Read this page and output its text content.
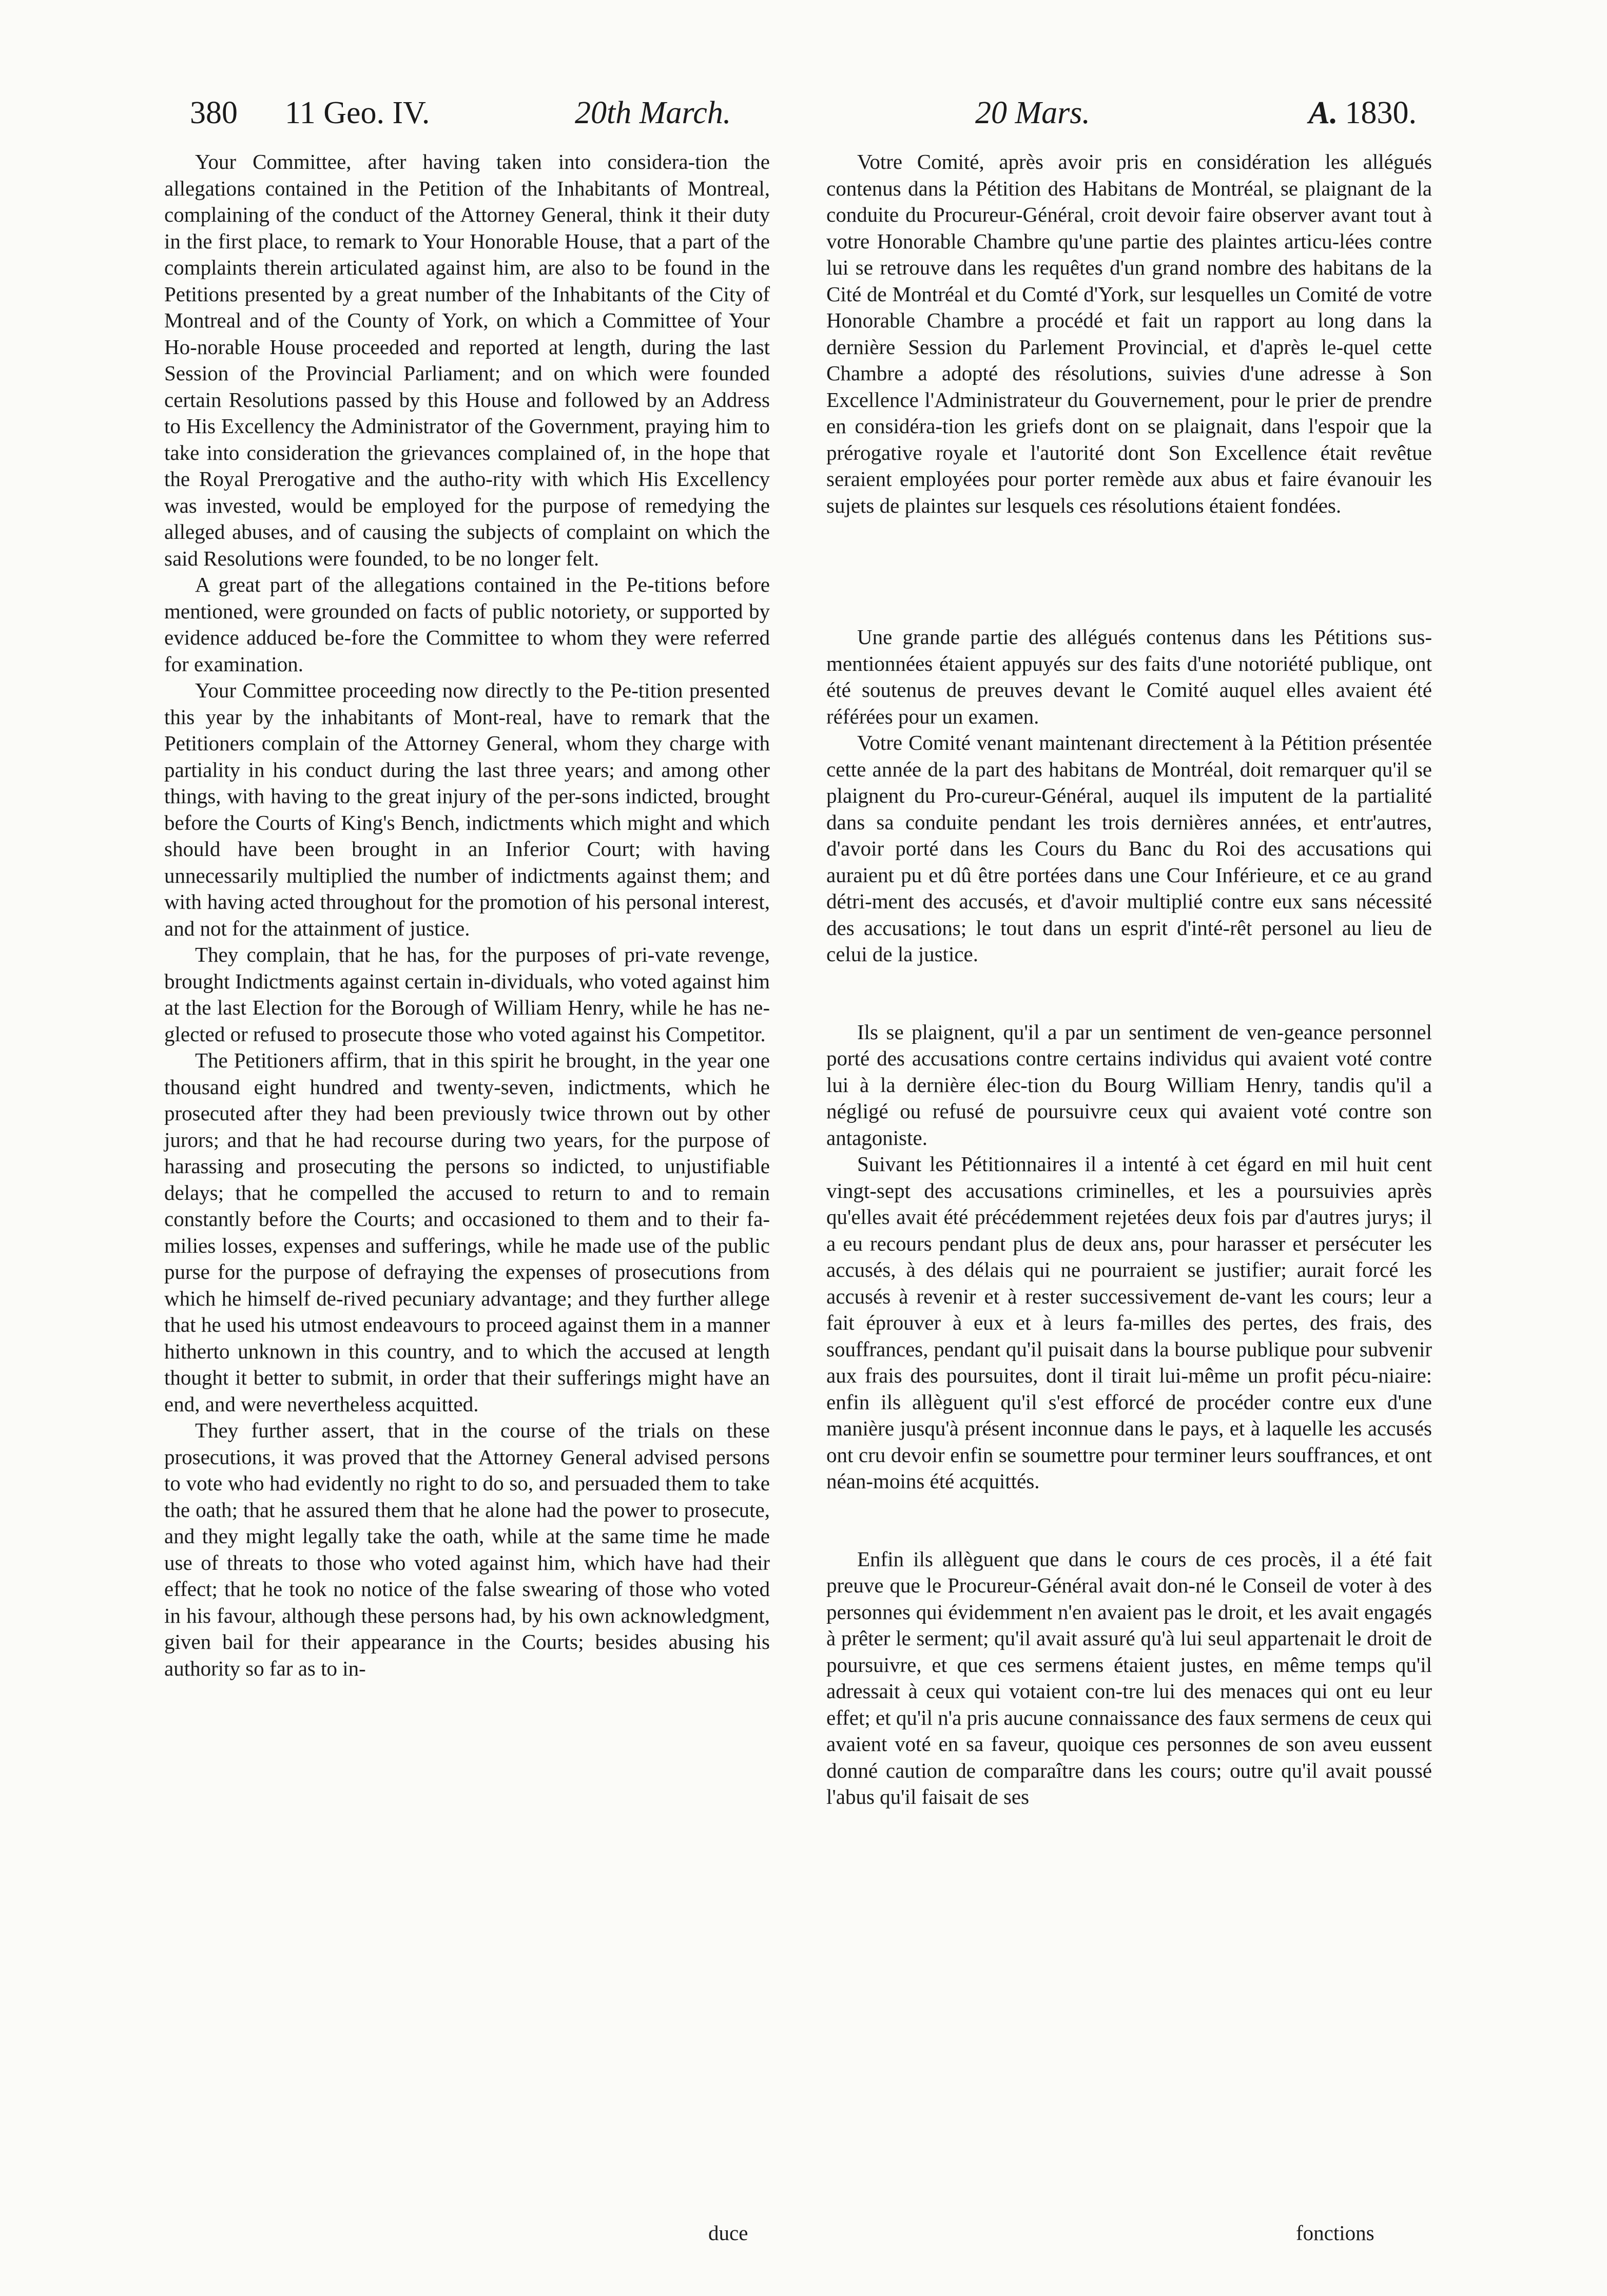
380 11 Geo. IV.	20th March.	20 Mars.	A. 1830.

Your Committee, after having taken into considera-tion the allegations contained in the Petition of the Inhabitants of Montreal, complaining of the conduct of the Attorney General, think it their duty in the first place, to remark to Your Honorable House, that a part of the complaints therein articulated against him, are also to be found in the Petitions presented by a great number of the Inhabitants of the City of Montreal and of the County of York, on which a Committee of Your Ho-norable House proceeded and reported at length, during the last Session of the Provincial Parliament; and on which were founded certain Resolutions passed by this House and followed by an Address to His Excellency the Administrator of the Government, praying him to take into consideration the grievances complained of, in the hope that the Royal Prerogative and the autho-rity with which His Excellency was invested, would be employed for the purpose of remedying the alleged abuses, and of causing the subjects of complaint on which the said Resolutions were founded, to be no longer felt.

A great part of the allegations contained in the Pe-titions before mentioned, were grounded on facts of public notoriety, or supported by evidence adduced be-fore the Committee to whom they were referred for examination.

Your Committee proceeding now directly to the Pe-tition presented this year by the inhabitants of Mont-real, have to remark that the Petitioners complain of the Attorney General, whom they charge with partiality in his conduct during the last three years; and among other things, with having to the great injury of the per-sons indicted, brought before the Courts of King's Bench, indictments which might and which should have been brought in an Inferior Court; with having unnecessarily multiplied the number of indictments against them; and with having acted throughout for the promotion of his personal interest, and not for the attainment of justice.

They complain, that he has, for the purposes of pri-vate revenge, brought Indictments against certain in-dividuals, who voted against him at the last Election for the Borough of William Henry, while he has ne-glected or refused to prosecute those who voted against his Competitor.

The Petitioners affirm, that in this spirit he brought, in the year one thousand eight hundred and twenty-seven, indictments, which he prosecuted after they had been previously twice thrown out by other jurors; and that he had recourse during two years, for the purpose of harassing and prosecuting the persons so indicted, to unjustifiable delays; that he compelled the accused to return to and to remain constantly before the Courts; and occasioned to them and to their fa-milies losses, expenses and sufferings, while he made use of the public purse for the purpose of defraying the expenses of prosecutions from which he himself de-rived pecuniary advantage; and they further allege that he used his utmost endeavours to proceed against them in a manner hitherto unknown in this country, and to which the accused at length thought it better to submit, in order that their sufferings might have an end, and were nevertheless acquitted.

They further assert, that in the course of the trials on these prosecutions, it was proved that the Attorney General advised persons to vote who had evidently no right to do so, and persuaded them to take the oath; that he assured them that he alone had the power to prosecute, and they might legally take the oath, while at the same time he made use of threats to those who voted against him, which have had their effect; that he took no notice of the false swearing of those who voted in his favour, although these persons had, by his own acknowledgment, given bail for their appearance in the Courts; besides abusing his authority so far as to in-

Votre Comité, après avoir pris en considération les allégués contenus dans la Pétition des Habitans de Montréal, se plaignant de la conduite du Procureur-Général, croit devoir faire observer avant tout à votre Honorable Chambre qu'une partie des plaintes articu-lées contre lui se retrouve dans les requêtes d'un grand nombre des habitans de la Cité de Montréal et du Comté d'York, sur lesquelles un Comité de votre Honorable Chambre a procédé et fait un rapport au long dans la dernière Session du Parlement Provincial, et d'après le-quel cette Chambre a adopté des résolutions, suivies d'une adresse à Son Excellence l'Administrateur du Gouvernement, pour le prier de prendre en considéra-tion les griefs dont on se plaignait, dans l'espoir que la prérogative royale et l'autorité dont Son Excellence était revêtue seraient employées pour porter remède aux abus et faire évanouir les sujets de plaintes sur lesquels ces résolutions étaient fondées.

Une grande partie des allégués contenus dans les Pétitions sus-mentionnées étaient appuyés sur des faits d'une notoriété publique, ont été soutenus de preuves devant le Comité auquel elles avaient été référées pour un examen.

Votre Comité venant maintenant directement à la Pétition présentée cette année de la part des habitans de Montréal, doit remarquer qu'il se plaignent du Pro-cureur-Général, auquel ils imputent de la partialité dans sa conduite pendant les trois dernières années, et entr'autres, d'avoir porté dans les Cours du Banc du Roi des accusations qui auraient pu et dû être portées dans une Cour Inférieure, et ce au grand détri-ment des accusés, et d'avoir multiplié contre eux sans nécessité des accusations; le tout dans un esprit d'inté-rêt personel au lieu de celui de la justice.

Ils se plaignent, qu'il a par un sentiment de ven-geance personnel porté des accusations contre certains individus qui avaient voté contre lui à la dernière élec-tion du Bourg William Henry, tandis qu'il a négligé ou refusé de poursuivre ceux qui avaient voté contre son antagoniste.

Suivant les Pétitionnaires il a intenté à cet égard en mil huit cent vingt-sept des accusations criminelles, et les a poursuivies après qu'elles avait été précédemment rejetées deux fois par d'autres jurys; il a eu recours pendant plus de deux ans, pour harasser et persécuter les accusés, à des délais qui ne pourraient se justifier; aurait forcé les accusés à revenir et à rester successivement de-vant les cours; leur a fait éprouver à eux et à leurs fa-milles des pertes, des frais, des souffrances, pendant qu'il puisait dans la bourse publique pour subvenir aux frais des poursuites, dont il tirait lui-même un profit pécu-niaire: enfin ils allèguent qu'il s'est efforcé de procéder contre eux d'une manière jusqu'à présent inconnue dans le pays, et à laquelle les accusés ont cru devoir enfin se soumettre pour terminer leurs souffrances, et ont néan-moins été acquittés.

Enfin ils allèguent que dans le cours de ces procès, il a été fait preuve que le Procureur-Général avait don-né le Conseil de voter à des personnes qui évidemment n'en avaient pas le droit, et les avait engagés à prêter le serment; qu'il avait assuré qu'à lui seul appartenait le droit de poursuivre, et que ces sermens étaient justes, en même temps qu'il adressait à ceux qui votaient con-tre lui des menaces qui ont eu leur effet; et qu'il n'a pris aucune connaissance des faux sermens de ceux qui avaient voté en sa faveur, quoique ces personnes de son aveu eussent donné caution de comparaître dans les cours; outre qu'il avait poussé l'abus qu'il faisait de ses

duce	fonctions
